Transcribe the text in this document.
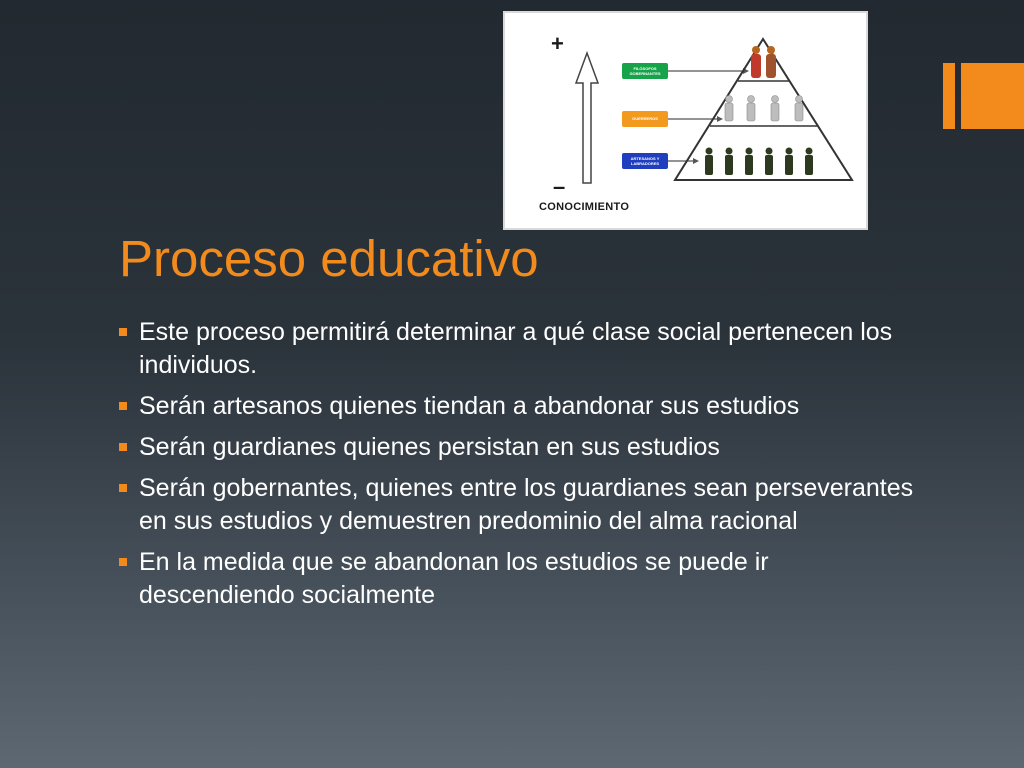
+
–
CONOCIMIENTO
FILÓSOFOS GOBERNANTES
GUERREROS
ARTESANOS Y LABRADORES
Proceso educativo
Este proceso permitirá determinar a qué clase social pertenecen los individuos.
Serán artesanos quienes tiendan a abandonar sus estudios
Serán guardianes quienes persistan en sus estudios
Serán gobernantes, quienes entre los guardianes sean perseverantes en sus estudios y demuestren predominio del alma racional
En la medida que se abandonan los estudios se puede ir descendiendo socialmente
